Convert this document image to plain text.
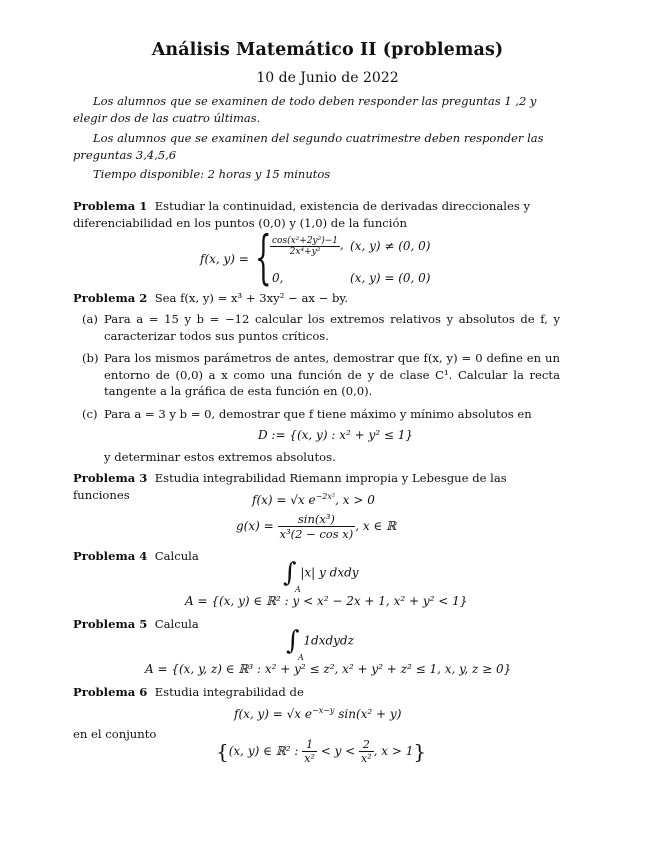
Análisis Matemático II (problemas)
10 de Junio de 2022
Los alumnos que se examinen de todo deben responder las preguntas 1 ,2 y elegir dos de las cuatro últimas.
Los alumnos que se examinen del segundo cuatrimestre deben responder las preguntas 3,4,5,6
Tiempo disponible: 2 horas y 15 minutos
Problema 1 Estudiar la continuidad, existencia de derivadas direccionales y diferenciabilidad en los puntos (0,0) y (1,0) de la función
f(x, y) = {
$\frac{\text{cos(x²+2y²)−1}}{\text{2x⁴+y²}}$ , (x, y) ≠ (0, 0)
0,	(x, y) = (0, 0)
Problema 2 Sea f(x, y) = x³ + 3xy² − ax − by.
(a) Para a = 15 y b = −12 calcular los extremos relativos y absolutos de f, y caracterizar todos sus puntos críticos.
(b) Para los mismos parámetros de antes, demostrar que f(x, y) = 0 define en un entorno de (0,0) a x como una función de y de clase C¹. Calcular la recta tangente a la gráfica de esta función en (0,0).
(c) Para a = 3 y b = 0, demostrar que f tiene máximo y mínimo absolutos en
D := {(x, y) : x² + y² ≤ 1}
y determinar estos extremos absolutos.
Problema 3 Estudia integrabilidad Riemann impropia y Lebesgue de las funciones	f(x) = √x $e^{-2x^2}$, x > 0
$g(x) = \frac{\text{sin(x³)}}{\text{x³(2 − cos x)}}$ , x ∈ ℝ
Problema 4 Calcula
∫
A
|x| y dxdy
A = {(x, y) ∈ ℝ² : y < x² − 2x + 1, x² + y² < 1}
Problema 5 Calcula
∫
A
1dxdydz
A = {(x, y, z) ∈ ℝ³ : x² + y² ≤ z², x² + y² + z² ≤ 1, x, y, z ≥ 0}
Problema 6 Estudia integrabilidad de
f(x, y) = √x $e^{-x-y}$ sin(x² + y)
en el conjunto
{(x, y) ∈ ℝ² : $\frac{1}{\text{x²}} < y < \frac{2}{\text{x²}}$ , x > 1}
